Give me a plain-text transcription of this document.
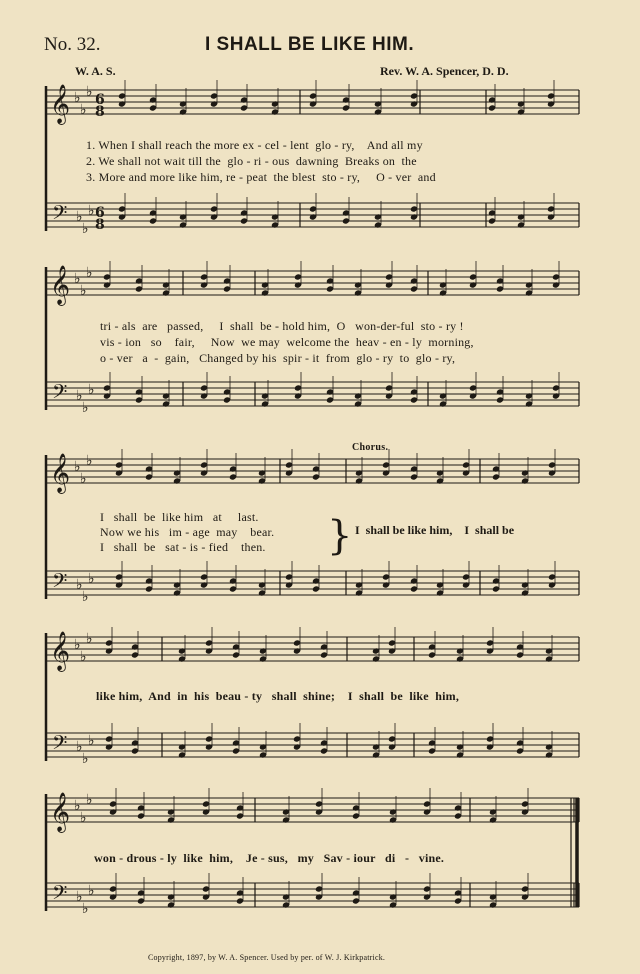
No. 32.	I SHALL BE LIKE HIM.
W. A. S.	Rev. W. A. Spencer, D. D.
𝄞
𝄢
♭
♭
♭
♭
♭
♭
𝄞
𝄢
♭
♭
♭
♭
♭
♭
𝄞
𝄢
♭
♭
♭
♭
♭
♭
𝄞
𝄢
♭
♭
♭
♭
♭
♭
𝄞
𝄢
♭
♭
♭
♭
♭
♭
6
8
6
8
1. When I shall reach the more ex - cel - lent  glo - ry,    And all my
2. We shall not wait till the  glo - ri - ous  dawning  Breaks on  the
3. More and more like him, re - peat  the blest  sto - ry,     O - ver  and
tri - als  are   passed,     I  shall  be - hold him,  O   won-der-ful  sto - ry !
vis - ion   so    fair,     Now  we may  welcome the  heav - en - ly  morning,
o - ver   a  -  gain,   Changed by his  spir - it  from  glo - ry  to  glo - ry,
Chorus.
I   shall  be  like him   at     last.
Now we his   im - age  may    bear.
I   shall  be   sat - is - fied    then. } I  shall be like him,    I  shall be
like him,  And  in  his  beau - ty   shall  shine;    I  shall  be  like  him,
won - drous - ly  like  him,    Je - sus,   my   Sav - iour   di   -   vine.
Copyright, 1897, by W. A. Spencer. Used by per. of W. J. Kirkpatrick.
